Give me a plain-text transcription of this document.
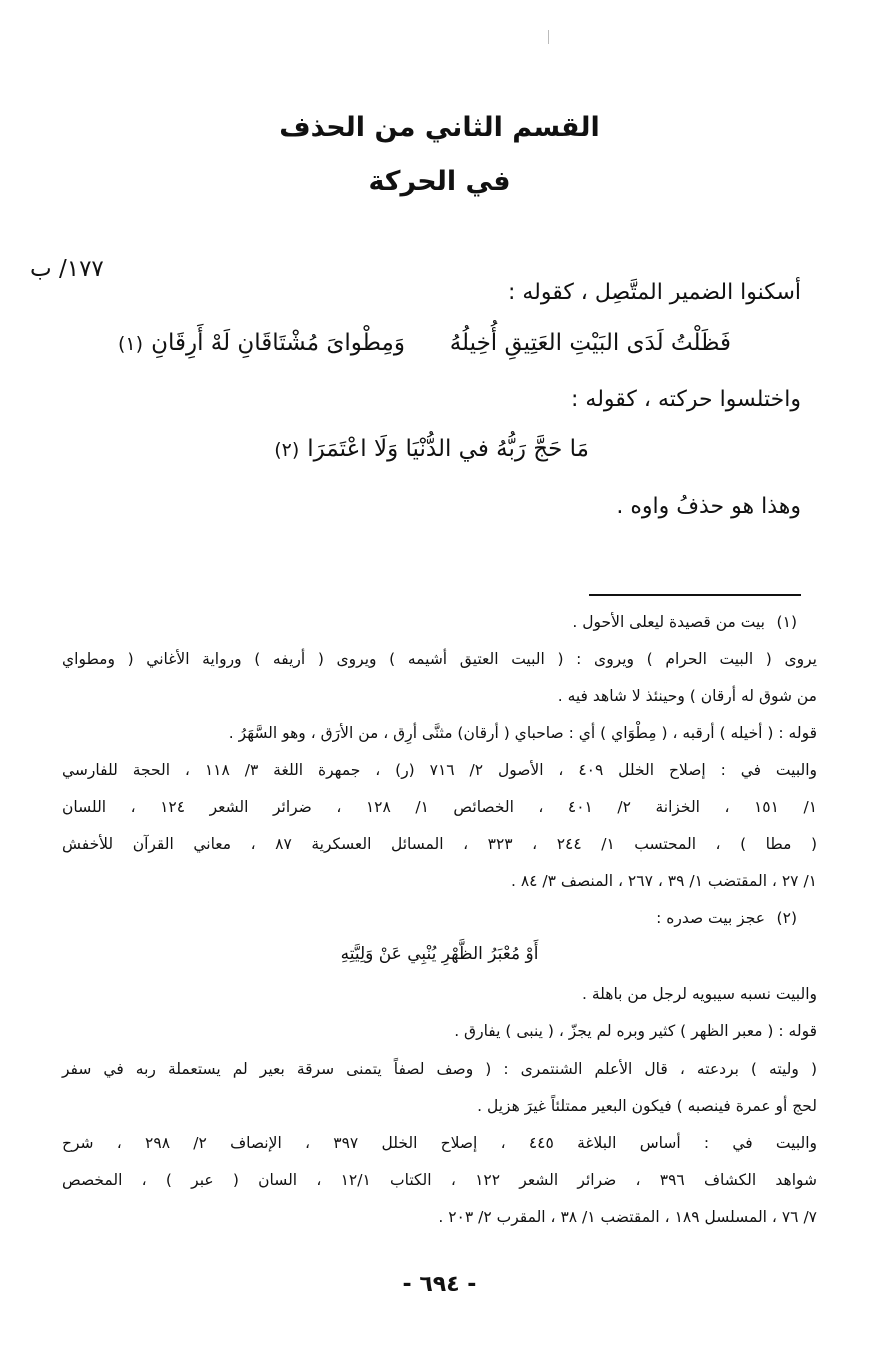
القسم الثاني من الحذف
في الحركة
١٧٧/ ب
أسكنوا الضمير المتَّصِل ، كقوله :
فَظَلْتُ لَدَى البَيْتِ العَتِيقِ أُخِيلُهُ
وَمِطْواىَ مُشْتَاقَانِ لَهْ أَرِقَانِ(١)
واختلسوا حركته ، كقوله :
مَا حَجَّ رَبُّهُ في الدُّنْيَا وَلَا اعْتَمَرَا(٢)
وهذا هو حذفُ واوه .
(١)بيت من قصيدة ليعلى الأحول .
يروى ( البيت الحرام ) ويروى : ( البيت العتيق أشيمه ) ويروى ( أريفه ) ورواية الأغاني ( ومطواي
من شوق له أرقان ) وحينئذ لا شاهد فيه .
قوله : ( أخيله ) أرقبه ، ( مِطْوَاي ) أي : صاحباي ( أرقان) مثنَّى أرِق ، من الأرَق ، وهو السَّهَرُ .
والبيت في : إصلاح الخلل ٤٠٩ ، الأصول ٢/ ٧١٦ (ر) ، جمهرة اللغة ٣/ ١١٨ ، الحجة للفارسي
١/ ١٥١ ، الخزانة ٢/ ٤٠١ ، الخصائص ١/ ١٢٨ ، ضرائر الشعر ١٢٤ ، اللسان
( مطا ) ، المحتسب ١/ ٢٤٤ ، ٣٢٣ ، المسائل العسكرية ٨٧ ، معاني القرآن للأخفش
١/ ٢٧ ، المقتضب ١/ ٣٩ ، ٢٦٧ ، المنصف ٣/ ٨٤ .
(٢)عجز بيت صدره :
أَوْ مُعْبَرُ الظَّهْرِ يُنْبِي عَنْ وَلِيَّتِهِ
والبيت نسبه سيبويه لرجل من باهلة .
قوله : ( معبر الظهر ) كثير وبره لم يجزّ ، ( ينبى ) يفارق .
( وليته ) بردعته ، قال الأعلم الشنتمرى : ( وصف لصفاً يتمنى سرقة بعير لم يستعملة ربه في سفر
لحج أو عمرة فينصبه ) فيكون البعير ممتلئاً غيرَ هزيل .
والبيت في : أساس البلاغة ٤٤٥ ، إصلاح الخلل ٣٩٧ ، الإنصاف ٢/ ٢٩٨ ، شرح
شواهد الكشاف ٣٩٦ ، ضرائر الشعر ١٢٢ ، الكتاب ١٢/١ ، السان ( عبر ) ، المخصص
٧/ ٧٦ ، المسلسل ١٨٩ ، المقتضب ١/ ٣٨ ، المقرب ٢/ ٢٠٣ .
- ٦٩٤ -
